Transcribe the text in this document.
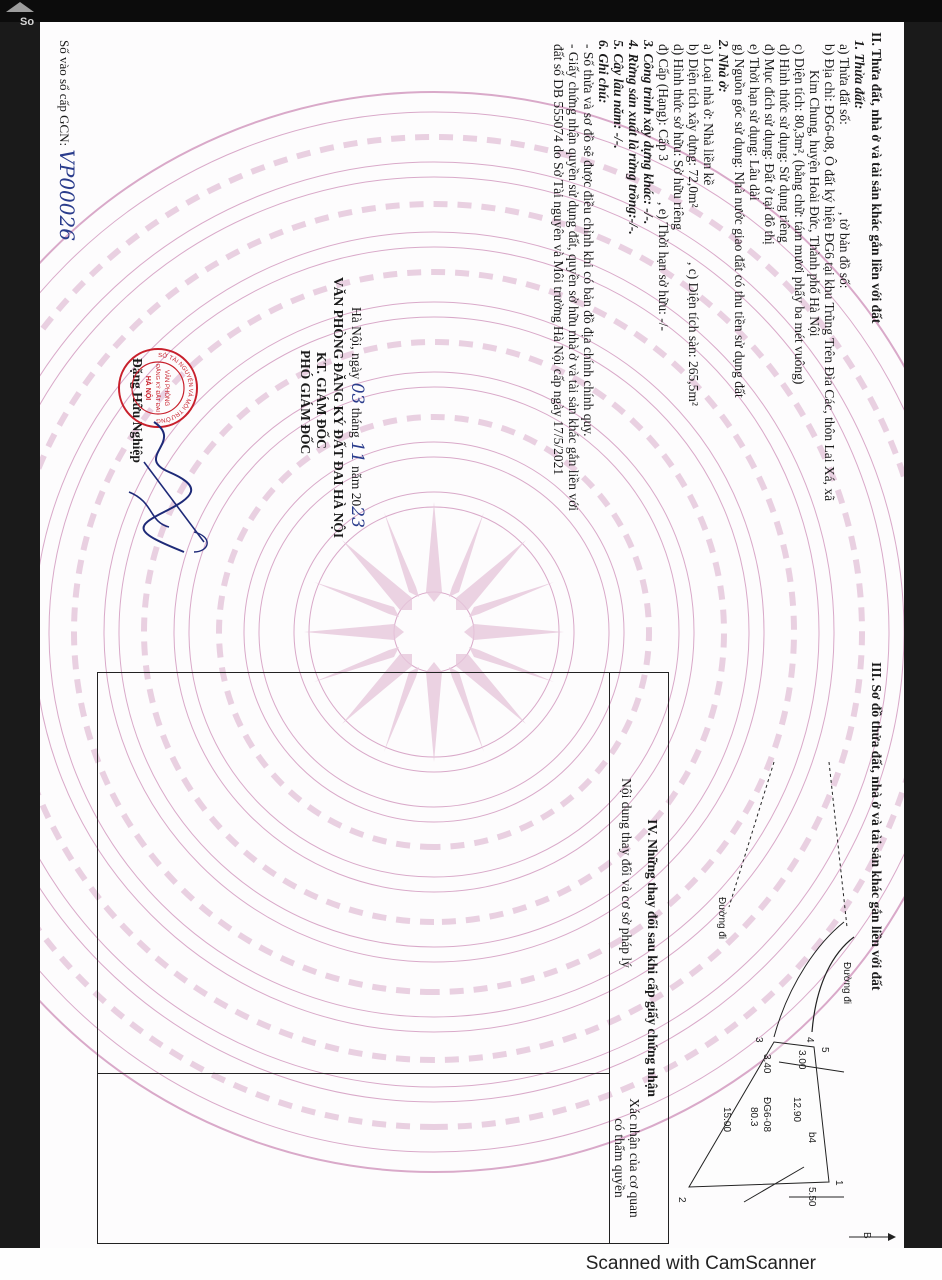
So
II. Thửa đất, nhà ở và tài sản khác gắn liền với đất
1. Thửa đất:
a) Thửa đất số:
, tờ bản đồ số:
b) Địa chỉ: ĐG6-08, Ô đất ký hiệu ĐG6 tại khu Trũng Trên Đìa Các, thôn Lai Xá, xã
Kim Chung, huyện Hoài Đức, Thành phố Hà Nội
c) Diện tích: 80,3m², (bằng chữ: tám mươi phẩy ba mét vuông)
d) Hình thức sử dụng: Sử dụng riêng
đ) Mục đích sử dụng: Đất ở tại đô thị
e) Thời hạn sử dụng: Lâu dài
g) Nguồn gốc sử dụng: Nhà nước giao đất có thu tiền sử dụng đất
2. Nhà ở:
a) Loại nhà ở: Nhà liền kề
b) Diện tích xây dựng: 72,0m²
, c) Diện tích sàn: 265,5m²
d) Hình thức sở hữu: Sở hữu riêng
đ) Cấp (Hạng): Cấp 3
, e) Thời hạn sở hữu: -/-
3. Công trình xây dựng khác: -/-.
4. Rừng sản xuất là rừng trồng:-/-.
5. Cây lâu năm: -/-.
6. Ghi chú:
- Số thửa và sơ đồ sẽ được điều chỉnh khi có bản đồ địa chính chính quy.
- Giấy chứng nhận quyền sử dụng đất, quyền sở hữu nhà ở và tài sản khác gắn liền với
đất số DB 555074 do Sở Tài nguyên và Môi trường Hà Nội cấp ngày 17/5/2021
Hà Nội, ngày 03 tháng 11 năm 2023
VĂN PHÒNG ĐĂNG KÝ ĐẤT ĐAI HÀ NỘI
KT. GIÁM ĐỐC
PHÓ GIÁM ĐỐC
Đặng Hữu Nghiệp
SỞ TÀI NGUYÊN VÀ MÔI TRƯỜNG
VĂN PHÒNG
ĐĂNG KÝ ĐẤT ĐAI
HÀ NỘI
Số vào sổ cấp GCN: VP00026
III. Sơ đồ thửa đất, nhà ở và tài sản khác gắn liền với đất
B
Đường đi
Đường đi
ĐG6-08
80.3
b4
5.50
15.00	12.90
3.00
3.40
1
2
3	4
5
IV. Những thay đổi sau khi cấp giấy chứng nhận
Nội dung thay đổi và cơ sở pháp lý
Xác nhận của cơ quan
có thẩm quyền
Scanned with CamScanner
